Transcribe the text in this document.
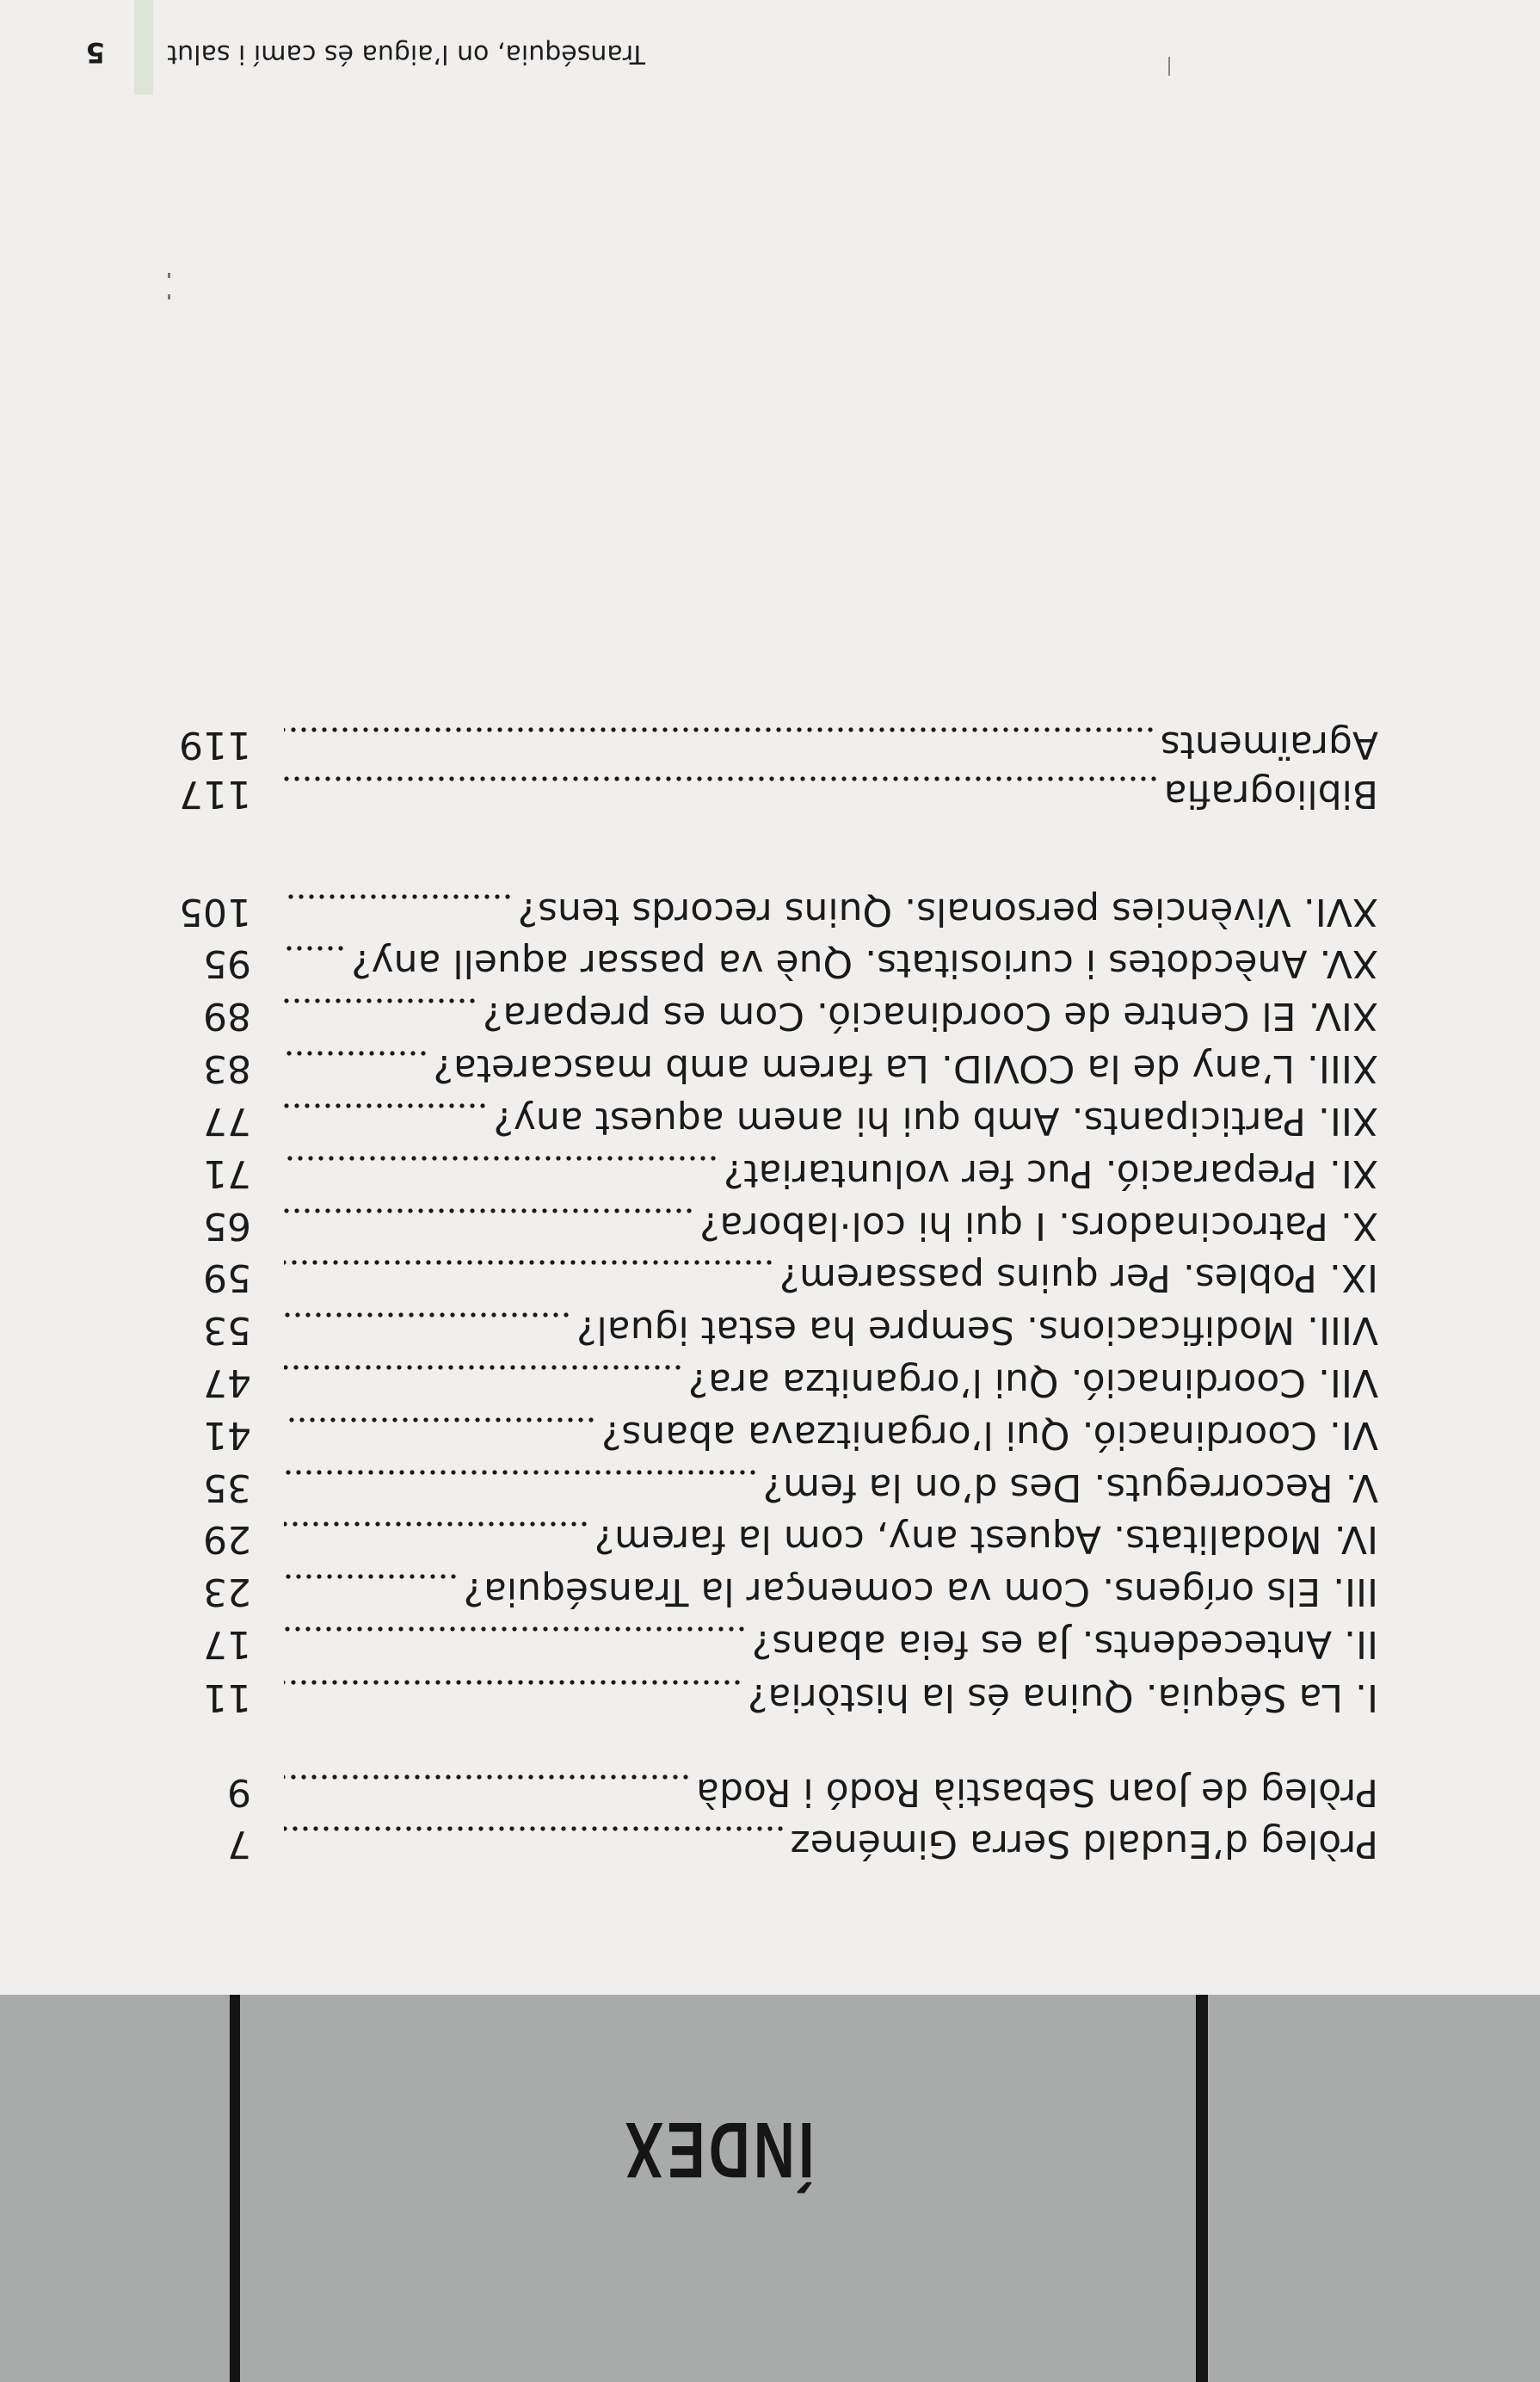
ÍNDEX
Pròleg d’Eudald Serra Giménez
7
Pròleg de Joan Sebastià Rodó i Rodà
9
I. La Séquia. Quina és la història?
11
II. Antecedents. Ja es feia abans?
17
III. Els orígens. Com va començar la Transéquia?
23
IV. Modalitats. Aquest any, com la farem?
29
V. Recorreguts. Des d’on la fem?
35
VI. Coordinació. Qui l’organitzava abans?
41
VII. Coordinació. Qui l’organitza ara?
47
VIII. Modificacions. Sempre ha estat igual?
53
IX. Pobles. Per quins passarem?
59
X. Patrocinadors. I qui hi col·labora?
65
XI. Preparació. Puc fer voluntariat?
71
XII. Participants. Amb qui hi anem aquest any?
77
XIII. L’any de la COVID. La farem amb mascareta?
83
XIV. El Centre de Coordinació. Com es prepara?
89
XV. Anècdotes i curiositats. Què va passar aquell any?
95
XVI. Vivències personals. Quins records tens?
105
Bibliografia
117
Agraïments
119
Transéquia, on l’aigua és camí i salut
5
